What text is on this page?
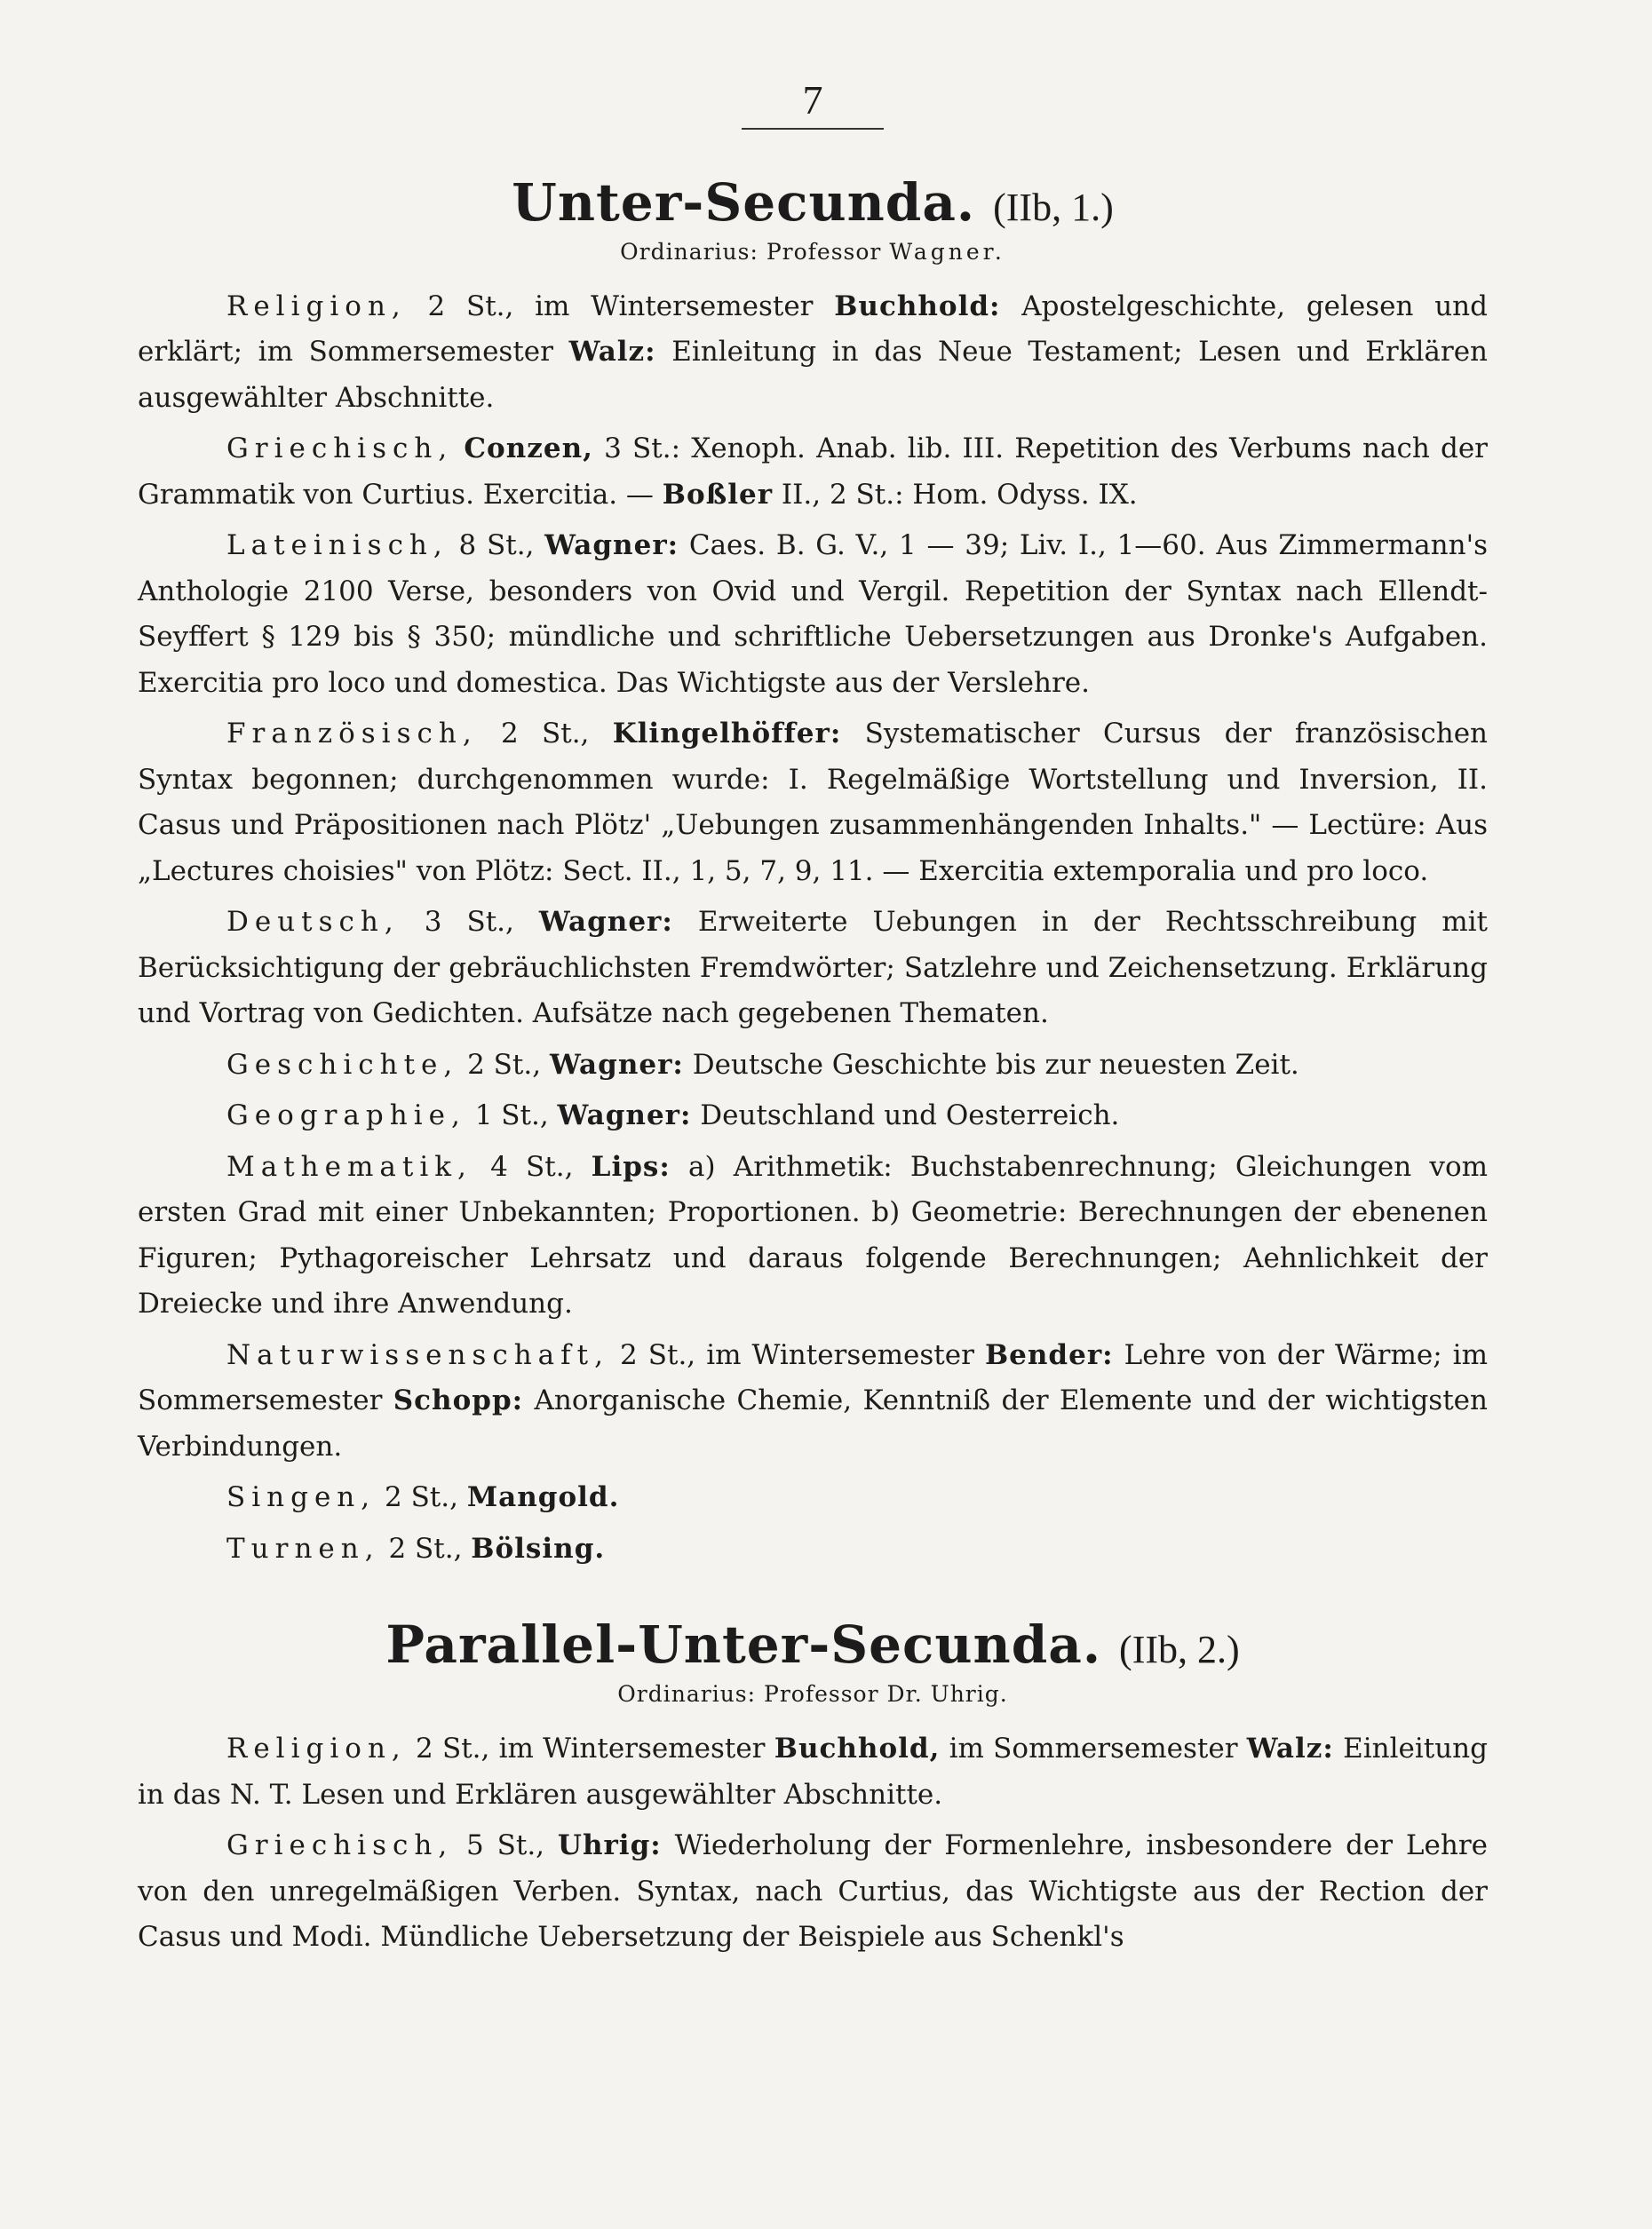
7
Unter-Secunda. (IIb, 1.)
Ordinarius: Professor Wagner.

Religion, 2 St., im Wintersemester Buchhold: Apostelgeschichte, gelesen und erklärt; im Sommersemester Walz: Einleitung in das Neue Testament; Lesen und Erklären ausgewählter Abschnitte.

Griechisch, Conzen, 3 St.: Xenoph. Anab. lib. III. Repetition des Verbums nach der Grammatik von Curtius. Exercitia. — Boßler II., 2 St.: Hom. Odyss. IX.

Lateinisch, 8 St., Wagner: Caes. B. G. V., 1 — 39; Liv. I., 1—60. Aus Zimmermann's Anthologie 2100 Verse, besonders von Ovid und Vergil. Repetition der Syntax nach Ellendt-Seyffert § 129 bis § 350; mündliche und schriftliche Uebersetzungen aus Dronke's Aufgaben. Exercitia pro loco und domestica. Das Wichtigste aus der Verslehre.

Französisch, 2 St., Klingelhöffer: Systematischer Cursus der französischen Syntax begonnen; durchgenommen wurde: I. Regelmäßige Wortstellung und Inversion, II. Casus und Präpositionen nach Plötz' „Uebungen zusammenhängenden Inhalts." — Lectüre: Aus „Lectures choisies" von Plötz: Sect. II., 1, 5, 7, 9, 11. — Exercitia extemporalia und pro loco.

Deutsch, 3 St., Wagner: Erweiterte Uebungen in der Rechtsschreibung mit Berücksichtigung der gebräuchlichsten Fremdwörter; Satzlehre und Zeichensetzung. Erklärung und Vortrag von Gedichten. Aufsätze nach gegebenen Thematen.

Geschichte, 2 St., Wagner: Deutsche Geschichte bis zur neuesten Zeit.

Geographie, 1 St., Wagner: Deutschland und Oesterreich.

Mathematik, 4 St., Lips: a) Arithmetik: Buchstabenrechnung; Gleichungen vom ersten Grad mit einer Unbekannten; Proportionen. b) Geometrie: Berechnungen der ebenenen Figuren; Pythagoreischer Lehrsatz und daraus folgende Berechnungen; Aehnlichkeit der Dreiecke und ihre Anwendung.

Naturwissenschaft, 2 St., im Wintersemester Bender: Lehre von der Wärme; im Sommersemester Schopp: Anorganische Chemie, Kenntniß der Elemente und der wichtigsten Verbindungen.

Singen, 2 St., Mangold.

Turnen, 2 St., Bölsing.

Parallel-Unter-Secunda. (IIb, 2.)
Ordinarius: Professor Dr. Uhrig.

Religion, 2 St., im Wintersemester Buchhold, im Sommersemester Walz: Einleitung in das N. T. Lesen und Erklären ausgewählter Abschnitte.

Griechisch, 5 St., Uhrig: Wiederholung der Formenlehre, insbesondere der Lehre von den unregelmäßigen Verben. Syntax, nach Curtius, das Wichtigste aus der Rection der Casus und Modi. Mündliche Uebersetzung der Beispiele aus Schenkl's
